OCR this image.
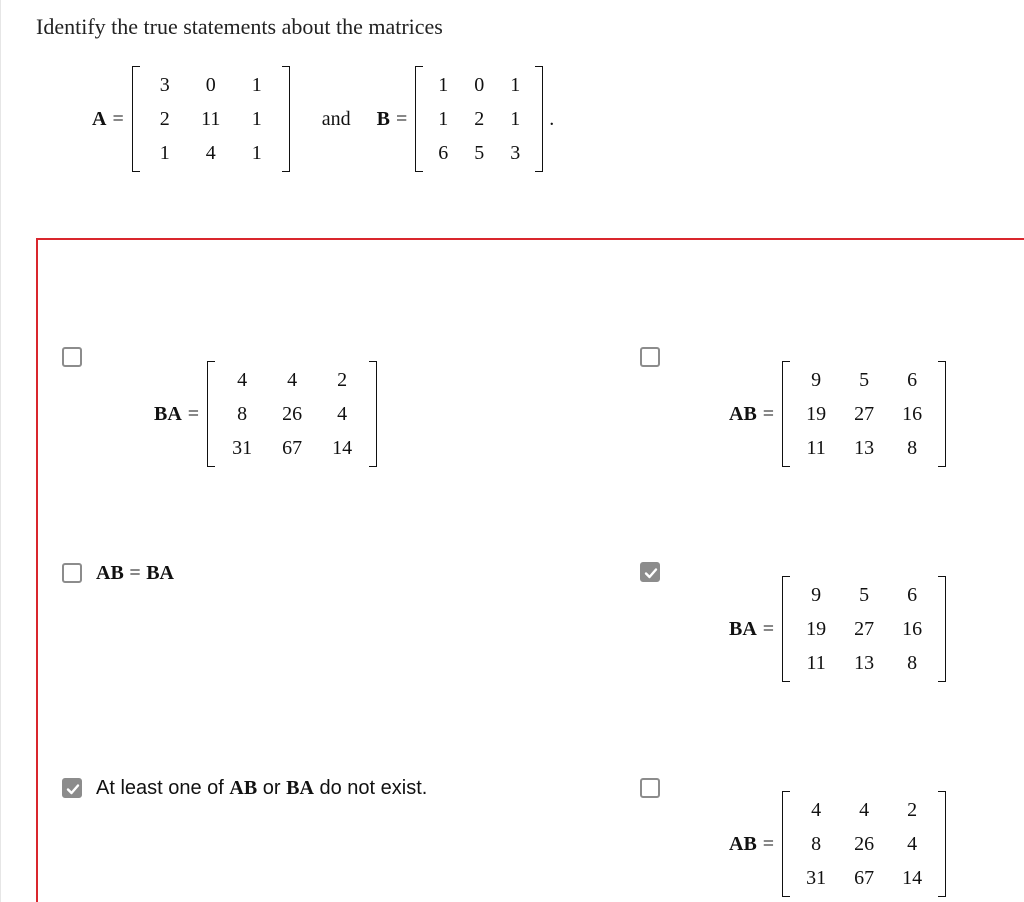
Identify the true statements about the matrices
A =
3	0	1
2	11	1
1	4	1
and B =
1	0	1
1	2	1
6	5	3
.
BA =
4	4	2
8	26	4
31	67	14
AB =
9	5	6
19	27	16
11	13	8
AB = BA
BA =
9	5	6
19	27	16
11	13	8
At least one of AB or BA do not exist.
AB =
4	4	2
8	26	4
31	67	14
